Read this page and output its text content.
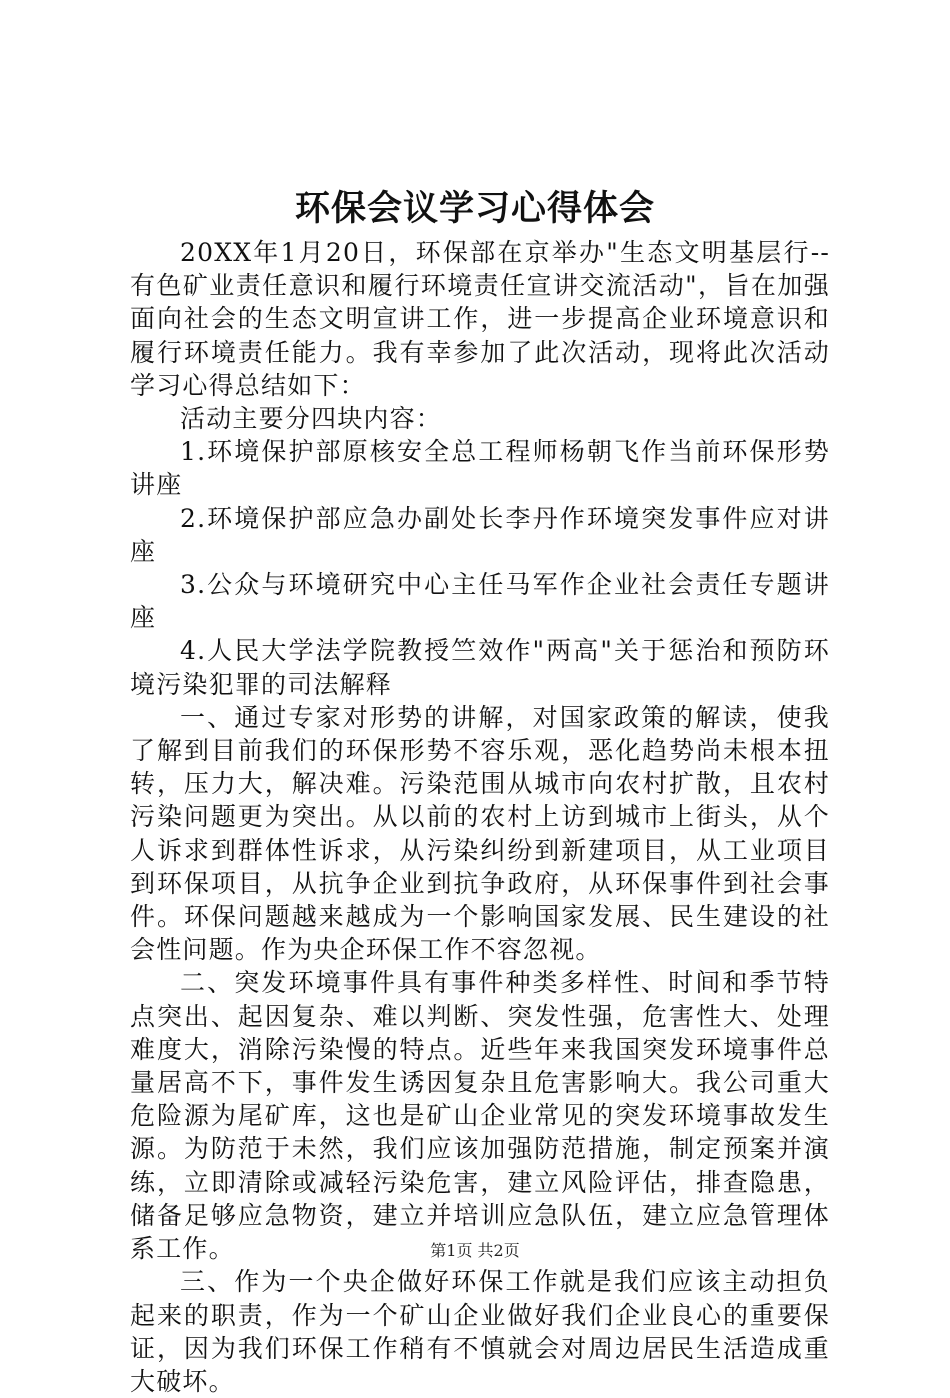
环保会议学习心得体会

20XX年1月20日，环保部在京举办"生态文明基层行--有色矿业责任意识和履行环境责任宣讲交流活动"，旨在加强面向社会的生态文明宣讲工作，进一步提高企业环境意识和履行环境责任能力。我有幸参加了此次活动，现将此次活动学习心得总结如下：

活动主要分四块内容：

1.环境保护部原核安全总工程师杨朝飞作当前环保形势讲座

2.环境保护部应急办副处长李丹作环境突发事件应对讲座

3.公众与环境研究中心主任马军作企业社会责任专题讲座

4.人民大学法学院教授竺效作"两高"关于惩治和预防环境污染犯罪的司法解释

一、通过专家对形势的讲解，对国家政策的解读，使我了解到目前我们的环保形势不容乐观，恶化趋势尚未根本扭转，压力大，解决难。污染范围从城市向农村扩散，且农村污染问题更为突出。从以前的农村上访到城市上街头，从个人诉求到群体性诉求，从污染纠纷到新建项目，从工业项目到环保项目，从抗争企业到抗争政府，从环保事件到社会事件。环保问题越来越成为一个影响国家发展、民生建设的社会性问题。作为央企环保工作不容忽视。

二、突发环境事件具有事件种类多样性、时间和季节特点突出、起因复杂、难以判断、突发性强，危害性大、处理难度大，消除污染慢的特点。近些年来我国突发环境事件总量居高不下，事件发生诱因复杂且危害影响大。我公司重大危险源为尾矿库，这也是矿山企业常见的突发环境事故发生源。为防范于未然，我们应该加强防范措施，制定预案并演练，立即清除或减轻污染危害，建立风险评估，排查隐患，储备足够应急物资，建立并培训应急队伍，建立应急管理体系工作。

三、作为一个央企做好环保工作就是我们应该主动担负起来的职责，作为一个矿山企业做好我们企业良心的重要保证，因为我们环保工作稍有不慎就会对周边居民生活造成重大破坏。

第1页 共2页
